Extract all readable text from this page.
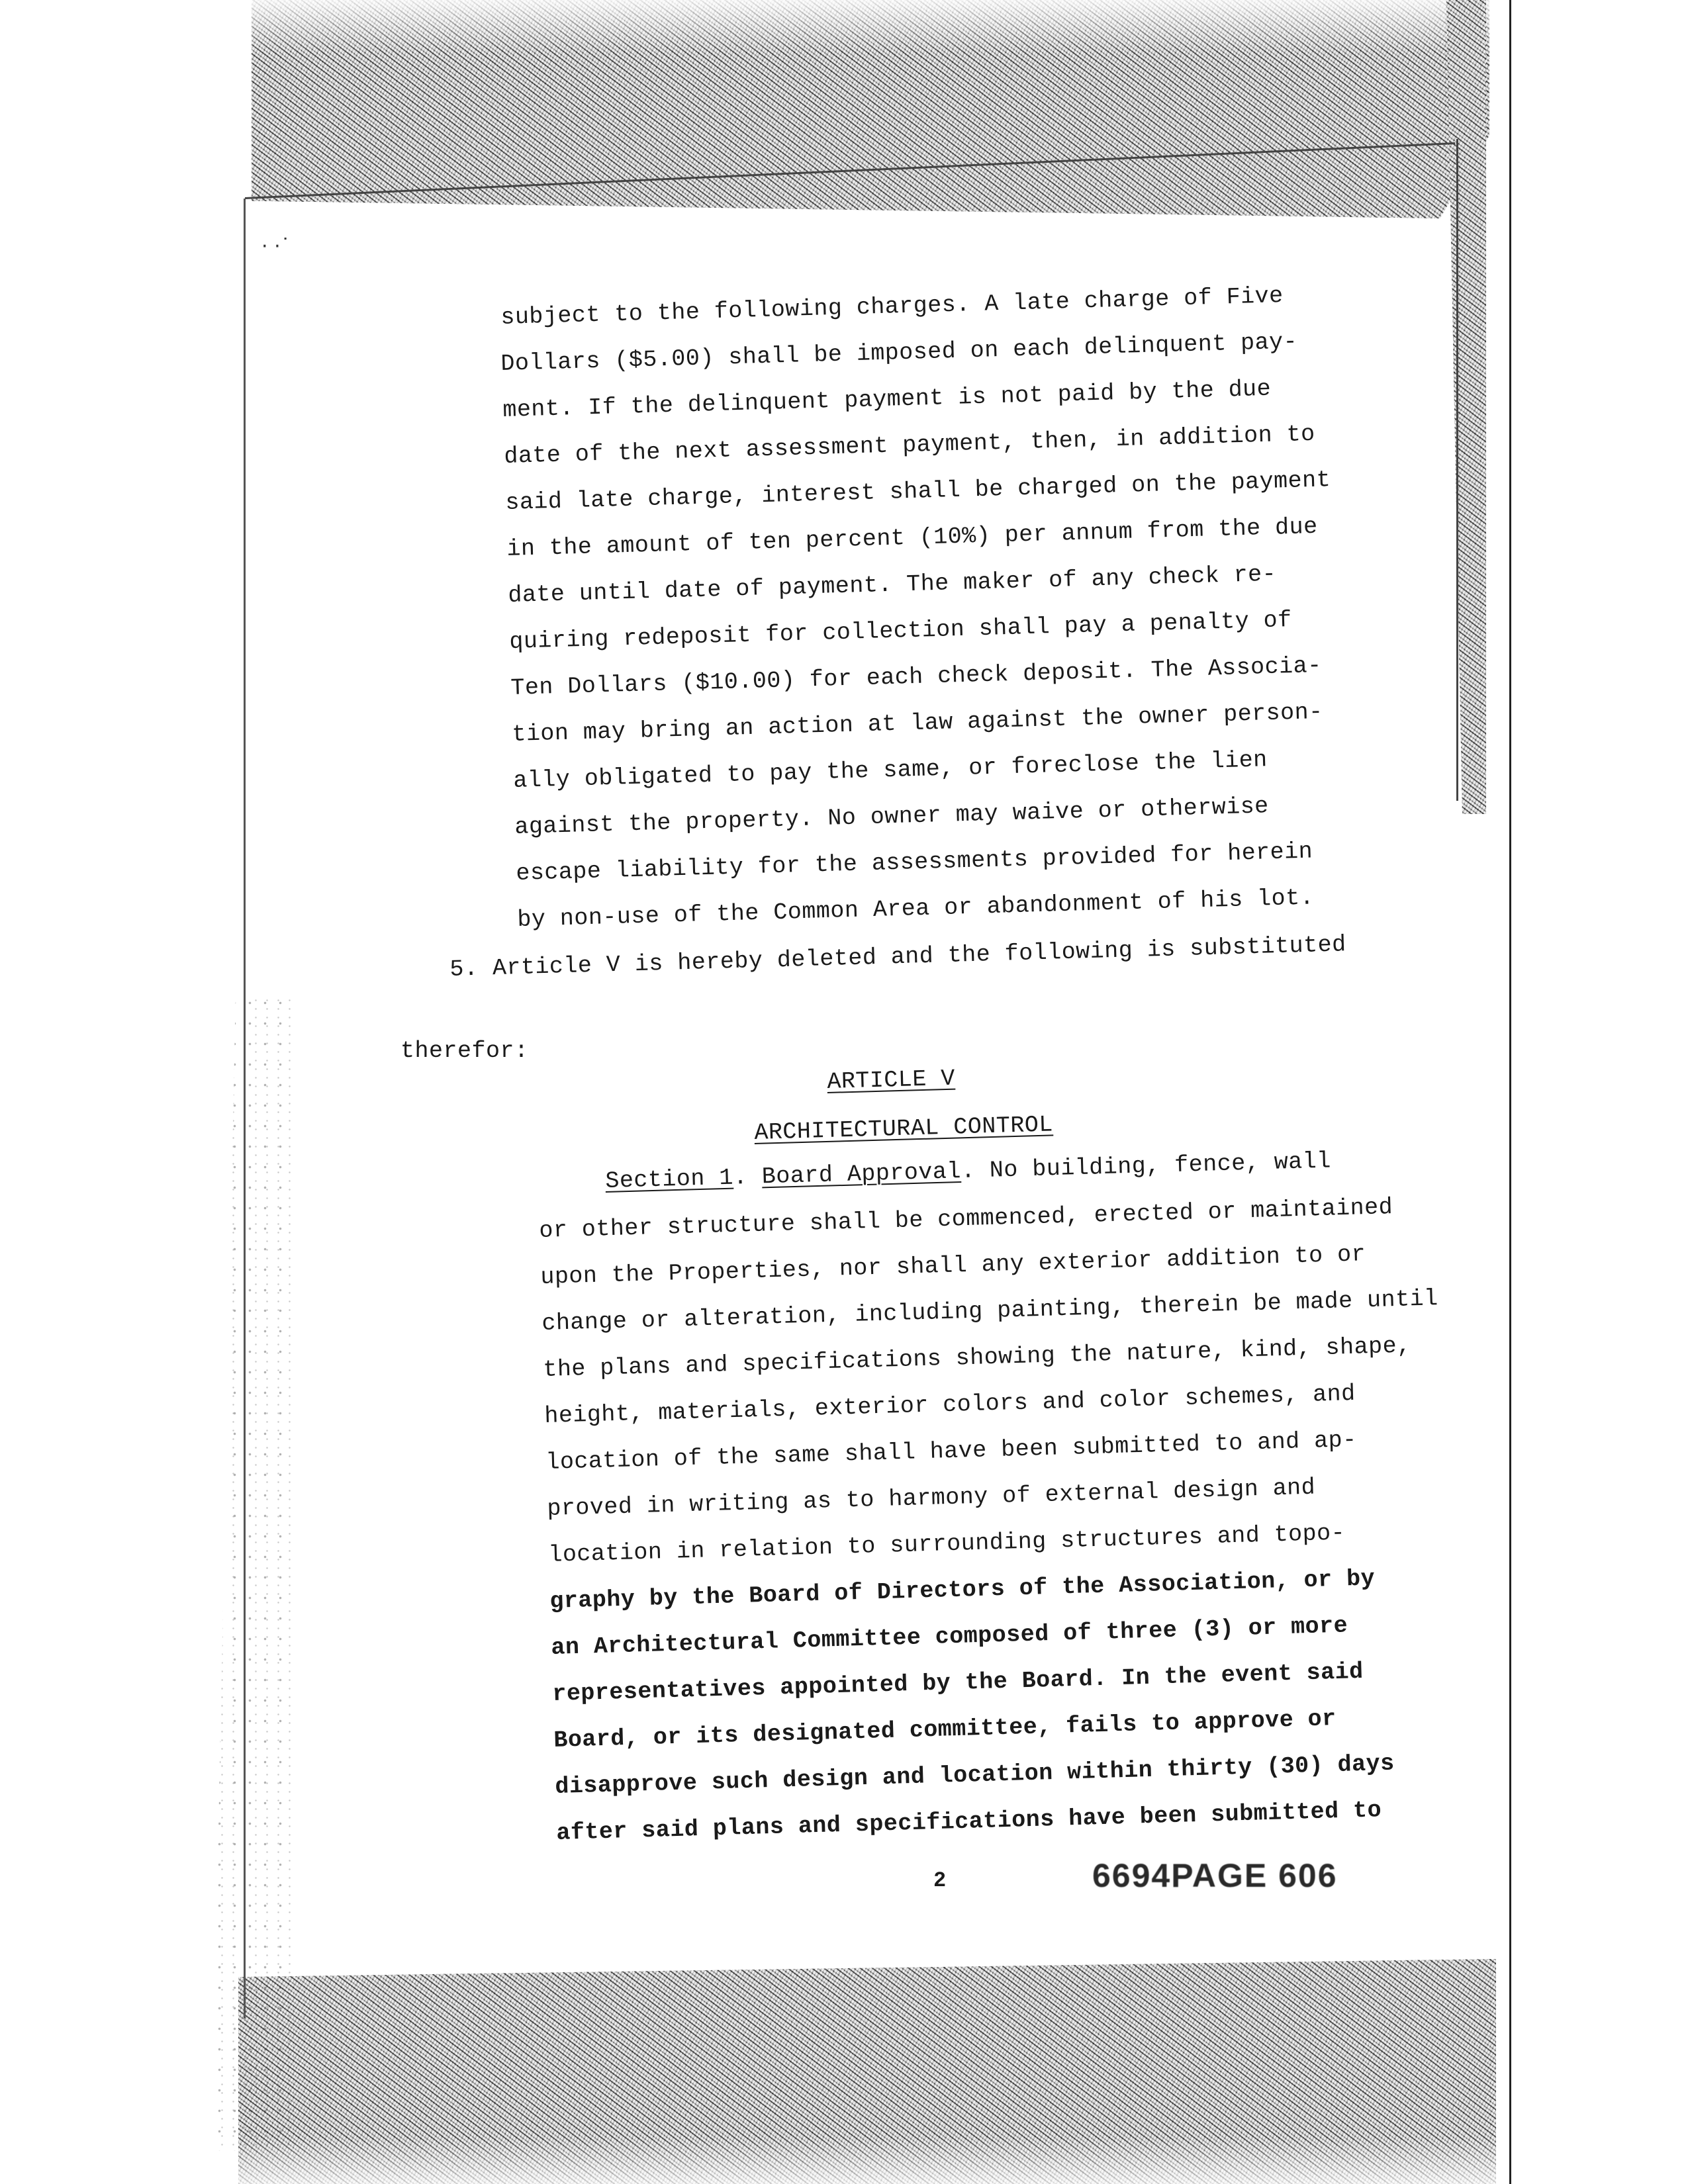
· ·˙
subject to the following charges. A late charge of Five
Dollars ($5.00) shall be imposed on each delinquent pay-
ment. If the delinquent payment is not paid by the due
date of the next assessment payment, then, in addition to
said late charge, interest shall be charged on the payment
in the amount of ten percent (10%) per annum from the due
date until date of payment. The maker of any check re-
quiring redeposit for collection shall pay a penalty of
Ten Dollars ($10.00) for each check deposit. The Associa-
tion may bring an action at law against the owner person-
ally obligated to pay the same, or foreclose the lien
against the property. No owner may waive or otherwise
escape liability for the assessments provided for herein
by non-use of the Common Area or abandonment of his lot.
5. Article V is hereby deleted and the following is substituted
therefor:
ARTICLE V
ARCHITECTURAL CONTROL
Section 1. Board Approval. No building, fence, wall
or other structure shall be commenced, erected or maintained
upon the Properties, nor shall any exterior addition to or
change or alteration, including painting, therein be made until
the plans and specifications showing the nature, kind, shape,
height, materials, exterior colors and color schemes, and
location of the same shall have been submitted to and ap-
proved in writing as to harmony of external design and
location in relation to surrounding structures and topo-
graphy by the Board of Directors of the Association, or by
an Architectural Committee composed of three (3) or more
representatives appointed by the Board. In the event said
Board, or its designated committee, fails to approve or
disapprove such design and location within thirty (30) days
after said plans and specifications have been submitted to
2	6694PAGE 606
